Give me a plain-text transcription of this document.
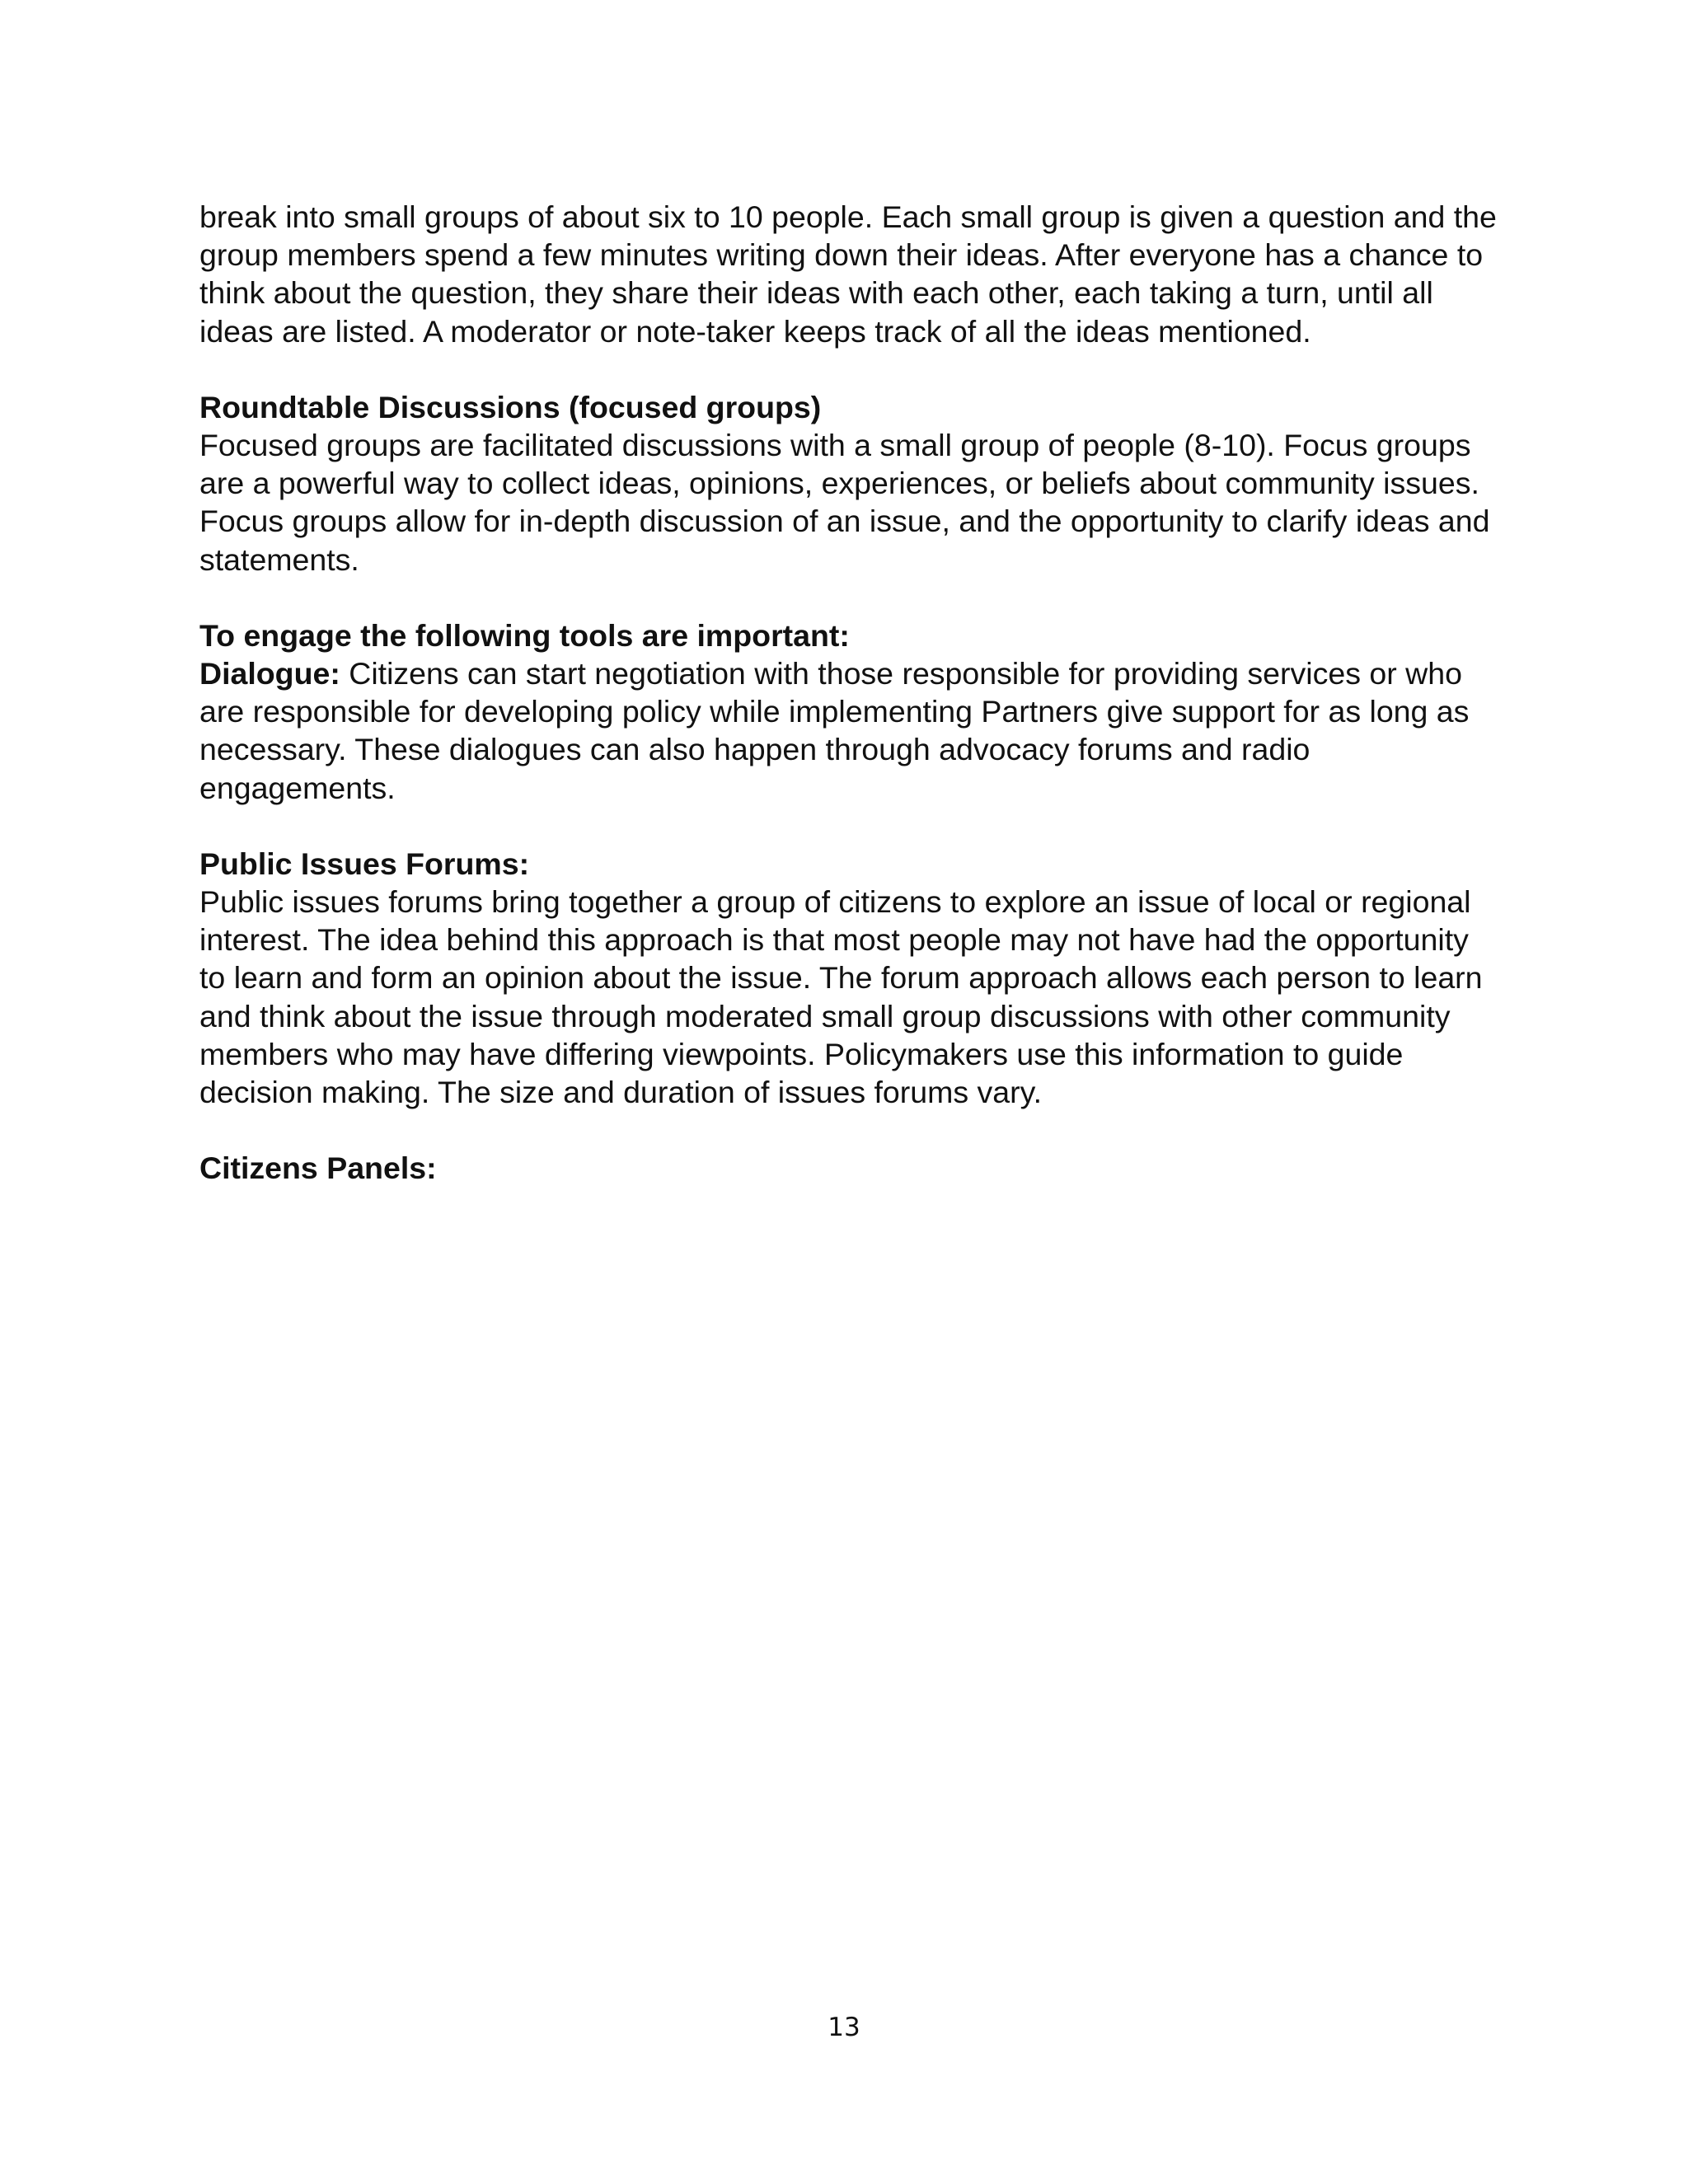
break into small groups of about six to 10 people. Each small group is given a question and the group members spend a few minutes writing down their ideas. After everyone has a chance to think about the question, they share their ideas with each other, each taking a turn, until all ideas are listed. A moderator or note-taker keeps track of all the ideas mentioned.

Roundtable Discussions (focused groups)

Focused groups are facilitated discussions with a small group of people (8-10). Focus groups are a powerful way to collect ideas, opinions, experiences, or beliefs about community issues. Focus groups allow for in-depth discussion of an issue, and the opportunity to clarify ideas and statements.

To engage the following tools are important:

Dialogue: Citizens can start negotiation with those responsible for providing services or who are responsible for developing policy while implementing Partners give support for as long as necessary. These dialogues can also happen through advocacy forums and radio engagements.

Public Issues Forums:

Public issues forums bring together a group of citizens to explore an issue of local or regional interest. The idea behind this approach is that most people may not have had the opportunity to learn and form an opinion about the issue. The forum approach allows each person to learn and think about the issue through moderated small group discussions with other community members who may have differing viewpoints. Policymakers use this information to guide decision making. The size and duration of issues forums vary.

Citizens Panels:

13
